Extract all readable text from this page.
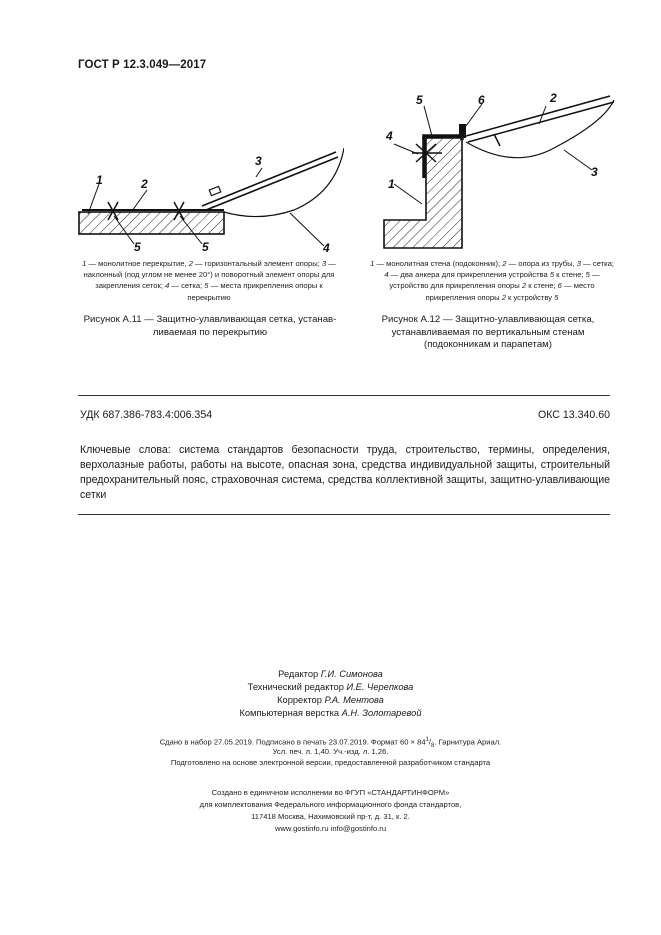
ГОСТ Р 12.3.049—2017
1	2
3
4
5	5
1 — монолитное перекрытие, 2 — горизонтальный элемент опоры; 3 — наклонный (под углом не менее 20°) и поворотный элемент опоры для закрепления сеток; 4 — сетка; 5 — места прикрепления опоры к перекрытию
Рисунок А.11 — Защитно-улавливающая сетка, устанав-
ливаемая по перекрытию
1
2
3
4
5	6
1 — монолитная стена (подоконник); 2 — опора из трубы, 3 — сетка; 4 — два анкера для прикрепления устройства 5 к стене; 5 — устройство для прикрепления опоры 2 к стене; 6 — место прикрепления опоры 2 к устройству 5
Рисунок А.12 — Защитно-улавливающая сетка,
устанавливаемая по вертикальным стенам
(подоконникам и парапетам)
УДК 687.386-783.4:006.354	ОКС 13.340.60
Ключевые слова: система стандартов безопасности труда, строительство, термины, определения, верхолазные работы, работы на высоте, опасная зона, средства индивидуальной защиты, строительный предохранительный пояс, страховочная система, средства коллективной защиты, защитно-улавливающие сетки
Редактор Г.И. Симонова
Технический редактор И.Е. Черепкова
Корректор Р.А. Ментова
Компьютерная верстка А.Н. Золотаревой
Сдано в набор 27.05.2019. Подписано в печать 23.07.2019. Формат $60 \times 84^1/_8$. Гарнитура Ариал.
Усл. печ. л. 1,40. Уч.-изд. л. 1,26.
Подготовлено на основе электронной версии, предоставленной разработчиком стандарта
Создано в единичном исполнении во ФГУП «СТАНДАРТИНФОРМ»
для комплектования Федерального информационного фонда стандартов,
117418 Москва, Нахимовский пр-т, д. 31, к. 2.
www.gostinfo.ru info@gostinfo.ru
